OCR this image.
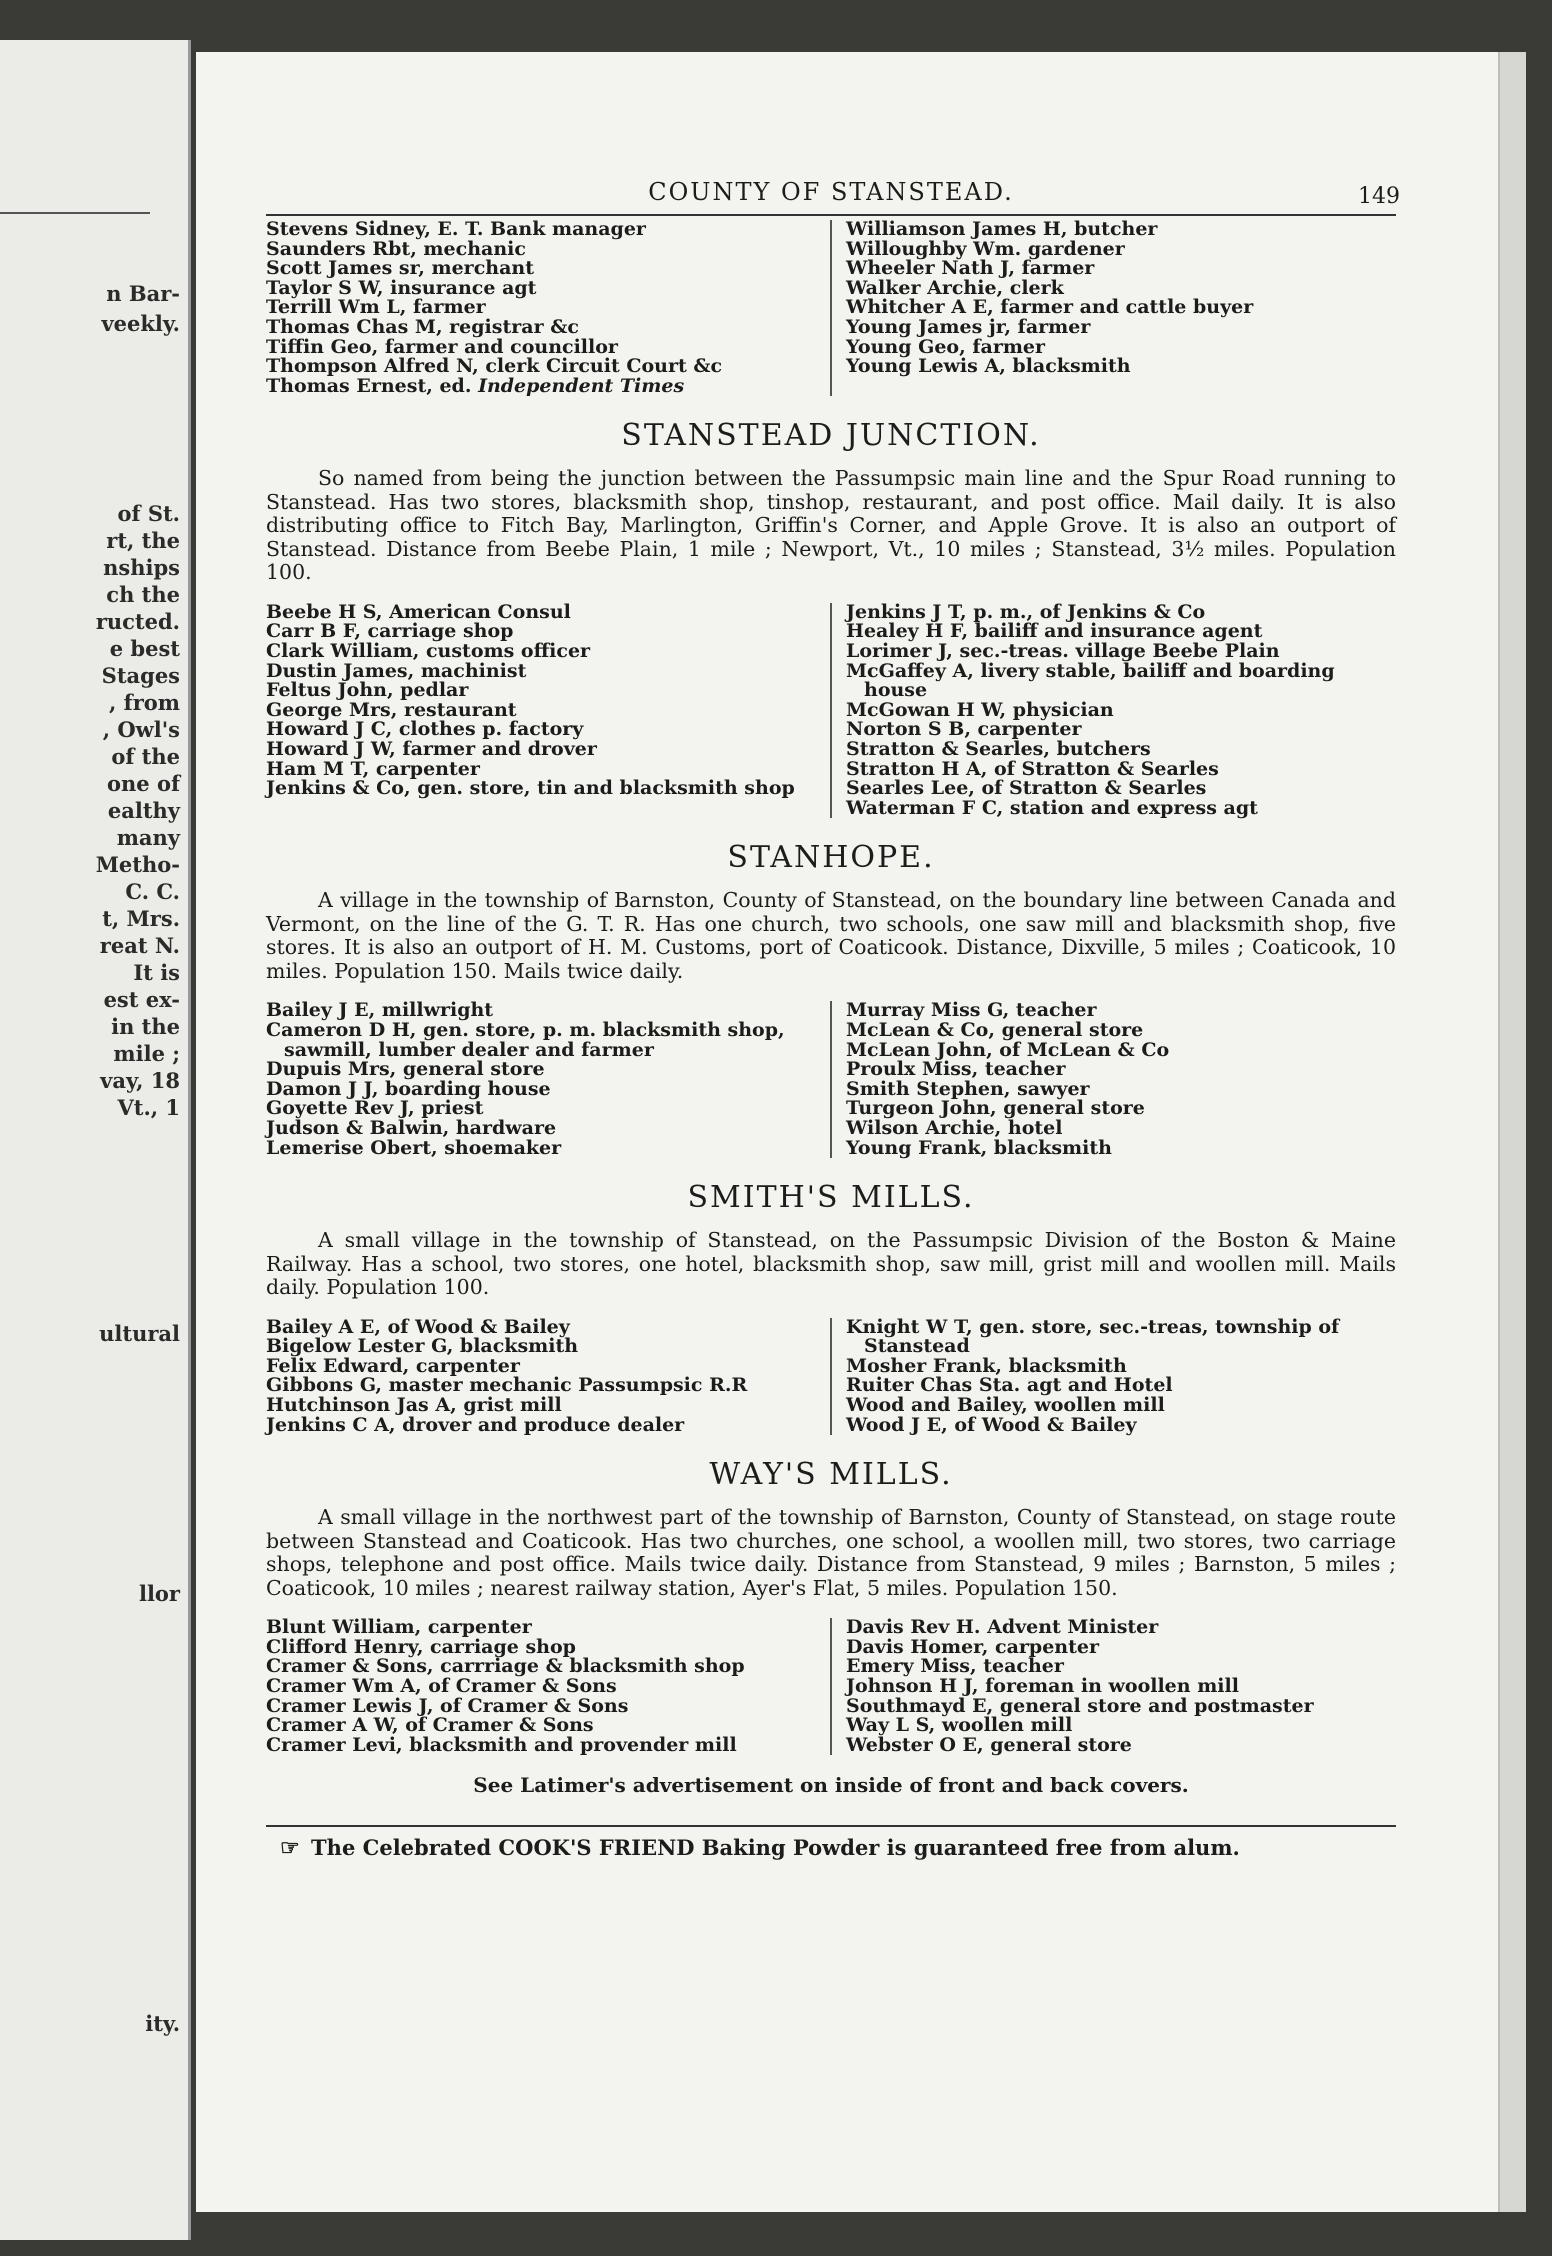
n Bar-
veekly.
of St.
rt, the
nships
ch the
ructed.
e best
Stages
, from
, Owl's
of the
one of
ealthy
many
Metho-
C. C.
t, Mrs.
reat N.
It is
est ex-
in the
mile ;
vay, 18
Vt., 1
ultural
llor
ity.
COUNTY OF STANSTEAD.	149
Stevens Sidney, E. T. Bank manager
Saunders Rbt, mechanic
Scott James sr, merchant
Taylor S W, insurance agt
Terrill Wm L, farmer
Thomas Chas M, registrar &c
Tiffin Geo, farmer and councillor
Thompson Alfred N, clerk Circuit Court &c
Thomas Ernest, ed. Independent Times
Williamson James H, butcher
Willoughby Wm. gardener
Wheeler Nath J, farmer
Walker Archie, clerk
Whitcher A E, farmer and cattle buyer
Young James jr, farmer
Young Geo, farmer
Young Lewis A, blacksmith
STANSTEAD JUNCTION.
So named from being the junction between the Passumpsic main line and the Spur Road running to Stanstead. Has two stores, blacksmith shop, tinshop, restaurant, and post office. Mail daily. It is also distributing office to Fitch Bay, Marlington, Griffin's Corner, and Apple Grove. It is also an outport of Stanstead. Distance from Beebe Plain, 1 mile ; Newport, Vt., 10 miles ; Stanstead, 3½ miles. Population 100.
Beebe H S, American Consul
Carr B F, carriage shop
Clark William, customs officer
Dustin James, machinist
Feltus John, pedlar
George Mrs, restaurant
Howard J C, clothes p. factory
Howard J W, farmer and drover
Ham M T, carpenter
Jenkins & Co, gen. store, tin and blacksmith shop
Jenkins J T, p. m., of Jenkins & Co
Healey H F, bailiff and insurance agent
Lorimer J, sec.-treas. village Beebe Plain
McGaffey A, livery stable, bailiff and boarding house
McGowan H W, physician
Norton S B, carpenter
Stratton & Searles, butchers
Stratton H A, of Stratton & Searles
Searles Lee, of Stratton & Searles
Waterman F C, station and express agt
STANHOPE.
A village in the township of Barnston, County of Stanstead, on the boundary line between Canada and Vermont, on the line of the G. T. R. Has one church, two schools, one saw mill and blacksmith shop, five stores. It is also an outport of H. M. Customs, port of Coaticook. Distance, Dixville, 5 miles ; Coaticook, 10 miles. Population 150. Mails twice daily.
Bailey J E, millwright
Cameron D H, gen. store, p. m. blacksmith shop, sawmill, lumber dealer and farmer
Dupuis Mrs, general store
Damon J J, boarding house
Goyette Rev J, priest
Judson & Balwin, hardware
Lemerise Obert, shoemaker
Murray Miss G, teacher
McLean & Co, general store
McLean John, of McLean & Co
Proulx Miss, teacher
Smith Stephen, sawyer
Turgeon John, general store
Wilson Archie, hotel
Young Frank, blacksmith
SMITH'S MILLS.
A small village in the township of Stanstead, on the Passumpsic Division of the Boston & Maine Railway. Has a school, two stores, one hotel, blacksmith shop, saw mill, grist mill and woollen mill. Mails daily. Population 100.
Bailey A E, of Wood & Bailey
Bigelow Lester G, blacksmith
Felix Edward, carpenter
Gibbons G, master mechanic Passumpsic R.R
Hutchinson Jas A, grist mill
Jenkins C A, drover and produce dealer
Knight W T, gen. store, sec.-treas, township of Stanstead
Mosher Frank, blacksmith
Ruiter Chas Sta. agt and Hotel
Wood and Bailey, woollen mill
Wood J E, of Wood & Bailey
WAY'S MILLS.
A small village in the northwest part of the township of Barnston, County of Stanstead, on stage route between Stanstead and Coaticook. Has two churches, one school, a woollen mill, two stores, two carriage shops, telephone and post office. Mails twice daily. Distance from Stanstead, 9 miles ; Barnston, 5 miles ; Coaticook, 10 miles ; nearest railway station, Ayer's Flat, 5 miles. Population 150.
Blunt William, carpenter
Clifford Henry, carriage shop
Cramer & Sons, carrriage & blacksmith shop
Cramer Wm A, of Cramer & Sons
Cramer Lewis J, of Cramer & Sons
Cramer A W, of Cramer & Sons
Cramer Levi, blacksmith and provender mill
Davis Rev H. Advent Minister
Davis Homer, carpenter
Emery Miss, teacher
Johnson H J, foreman in woollen mill
Southmayd E, general store and postmaster
Way L S, woollen mill
Webster O E, general store
See Latimer's advertisement on inside of front and back covers.
☞ The Celebrated COOK'S FRIEND Baking Powder is guaranteed free from alum.
